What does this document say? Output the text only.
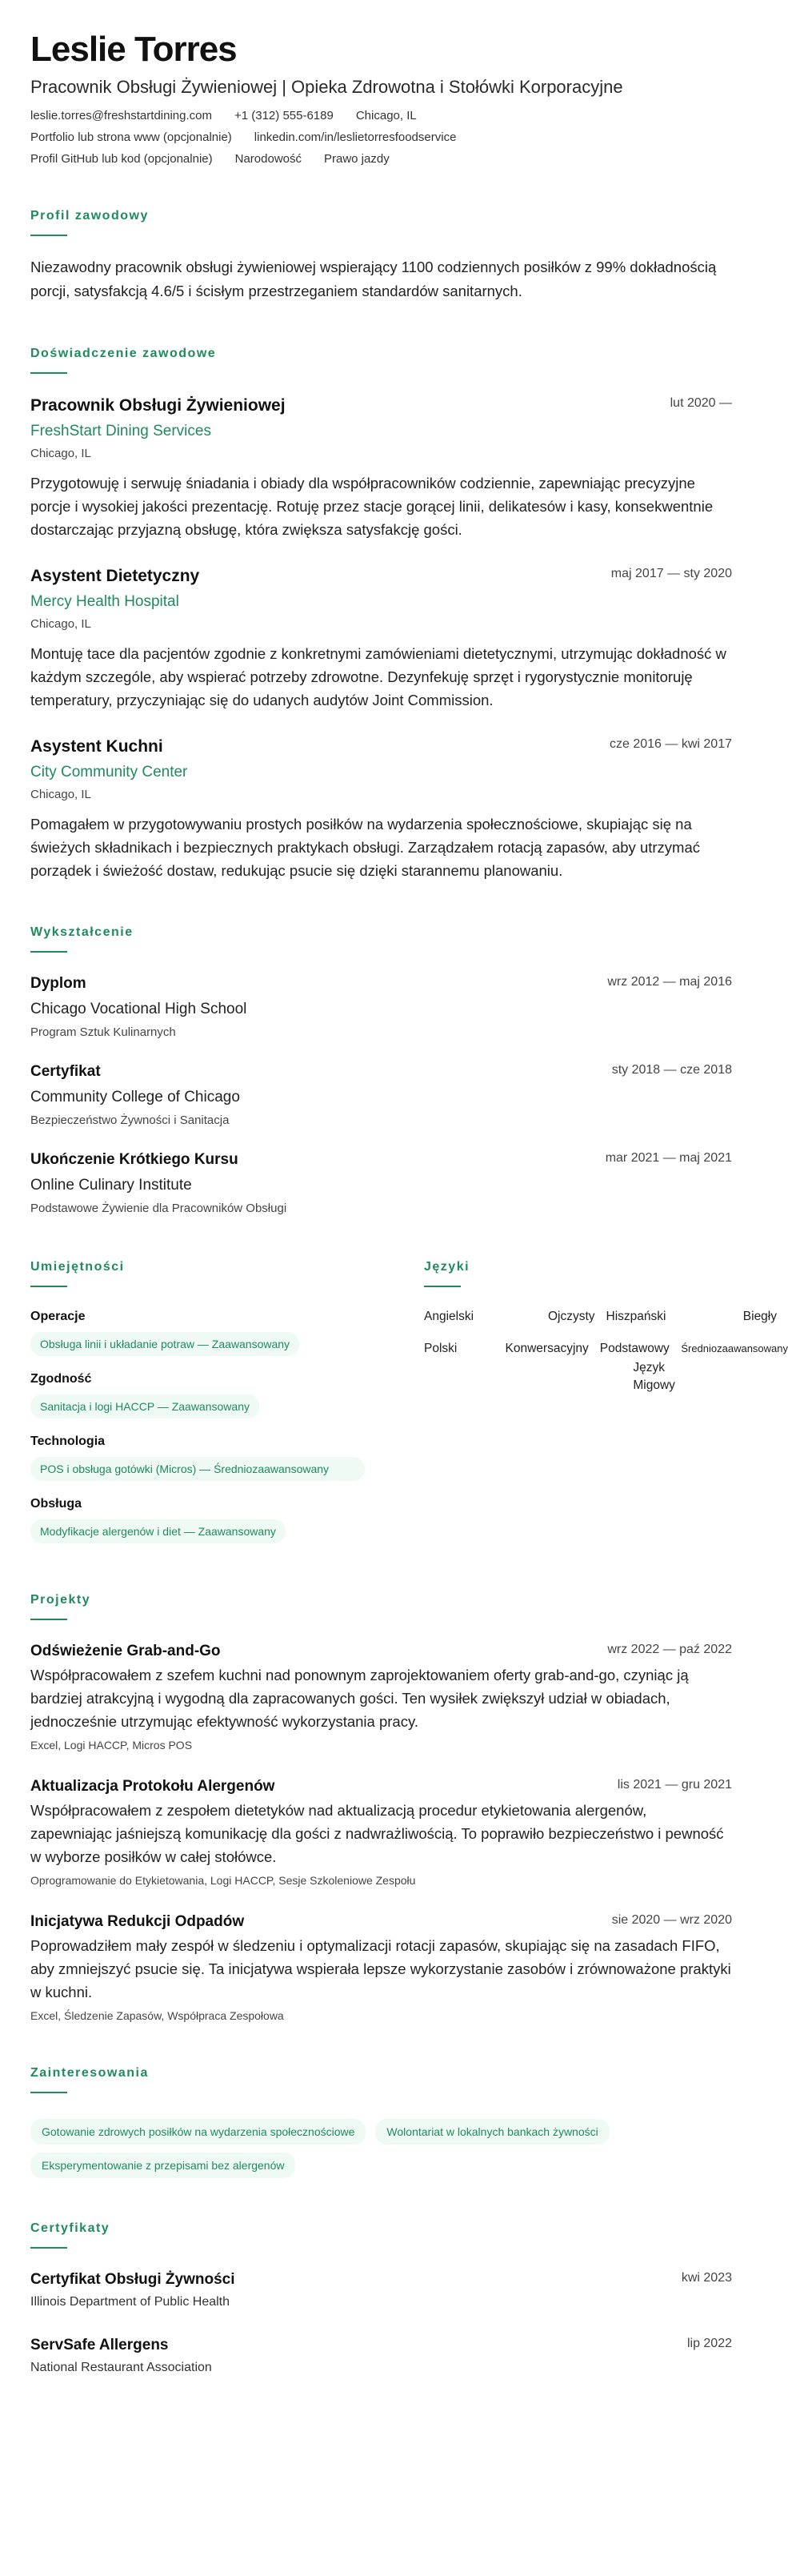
Leslie Torres
Pracownik Obsługi Żywieniowej | Opieka Zdrowotna i Stołówki Korporacyjne
leslie.torres@freshstartdining.com +1 (312) 555-6189 Chicago, IL
Portfolio lub strona www (opcjonalnie) linkedin.com/in/leslietorresfoodservice
Profil GitHub lub kod (opcjonalnie) Narodowość Prawo jazdy
Profil zawodowy

Niezawodny pracownik obsługi żywieniowej wspierający 1100 codziennych posiłków z 99% dokładnością porcji, satysfakcją 4.6/5 i ścisłym przestrzeganiem standardów sanitarnych.

Doświadczenie zawodowe
Pracownik Obsługi Żywieniowej	lut 2020 —
FreshStart Dining Services
Chicago, IL

Przygotowuję i serwuję śniadania i obiady dla współpracowników codziennie, zapewniając precyzyjne porcje i wysokiej jakości prezentację. Rotuję przez stacje gorącej linii, delikatesów i kasy, konsekwentnie dostarczając przyjazną obsługę, która zwiększa satysfakcję gości.

Asystent Dietetyczny	maj 2017 — sty 2020
Mercy Health Hospital
Chicago, IL

Montuję tace dla pacjentów zgodnie z konkretnymi zamówieniami dietetycznymi, utrzymując dokładność w każdym szczególe, aby wspierać potrzeby zdrowotne. Dezynfekuję sprzęt i rygorystycznie monitoruję temperatury, przyczyniając się do udanych audytów Joint Commission.

Asystent Kuchni	cze 2016 — kwi 2017
City Community Center
Chicago, IL

Pomagałem w przygotowywaniu prostych posiłków na wydarzenia społecznościowe, skupiając się na świeżych składnikach i bezpiecznych praktykach obsługi. Zarządzałem rotacją zapasów, aby utrzymać porządek i świeżość dostaw, redukując psucie się dzięki starannemu planowaniu.

Wykształcenie
Dyplom	wrz 2012 — maj 2016
Chicago Vocational High School
Program Sztuk Kulinarnych
Certyfikat	sty 2018 — cze 2018
Community College of Chicago
Bezpieczeństwo Żywności i Sanitacja
Ukończenie Krótkiego Kursu	mar 2021 — maj 2021
Online Culinary Institute
Podstawowe Żywienie dla Pracowników Obsługi
Umiejętności
Operacje
Obsługa linii i układanie potraw — Zaawansowany
Zgodność
Sanitacja i logi HACCP — Zaawansowany
Technologia
POS i obsługa gotówki (Micros) — Średniozaawansowany
Obsługa
Modyfikacje alergenów i diet — Zaawansowany
Języki
Angielski	Ojczysty Hiszpański	Biegły
Polski	Konwersacyjny Podstawowy	Średniozaawansowany
Język Migowy
Projekty
Odświeżenie Grab-and-Go	wrz 2022 — paź 2022

Współpracowałem z szefem kuchni nad ponownym zaprojektowaniem oferty grab-and-go, czyniąc ją bardziej atrakcyjną i wygodną dla zapracowanych gości. Ten wysiłek zwiększył udział w obiadach, jednocześnie utrzymując efektywność wykorzystania pracy.

Excel, Logi HACCP, Micros POS
Aktualizacja Protokołu Alergenów	lis 2021 — gru 2021

Współpracowałem z zespołem dietetyków nad aktualizacją procedur etykietowania alergenów, zapewniając jaśniejszą komunikację dla gości z nadwrażliwością. To poprawiło bezpieczeństwo i pewność w wyborze posiłków w całej stołówce.

Oprogramowanie do Etykietowania, Logi HACCP, Sesje Szkoleniowe Zespołu
Inicjatywa Redukcji Odpadów	sie 2020 — wrz 2020

Poprowadziłem mały zespół w śledzeniu i optymalizacji rotacji zapasów, skupiając się na zasadach FIFO, aby zmniejszyć psucie się. Ta inicjatywa wspierała lepsze wykorzystanie zasobów i zrównoważone praktyki w kuchni.

Excel, Śledzenie Zapasów, Współpraca Zespołowa
Zainteresowania
Gotowanie zdrowych posiłków na wydarzenia społecznościowe	Wolontariat w lokalnych bankach żywności
Eksperymentowanie z przepisami bez alergenów
Certyfikaty
Certyfikat Obsługi Żywności	kwi 2023
Illinois Department of Public Health
ServSafe Allergens	lip 2022
National Restaurant Association
